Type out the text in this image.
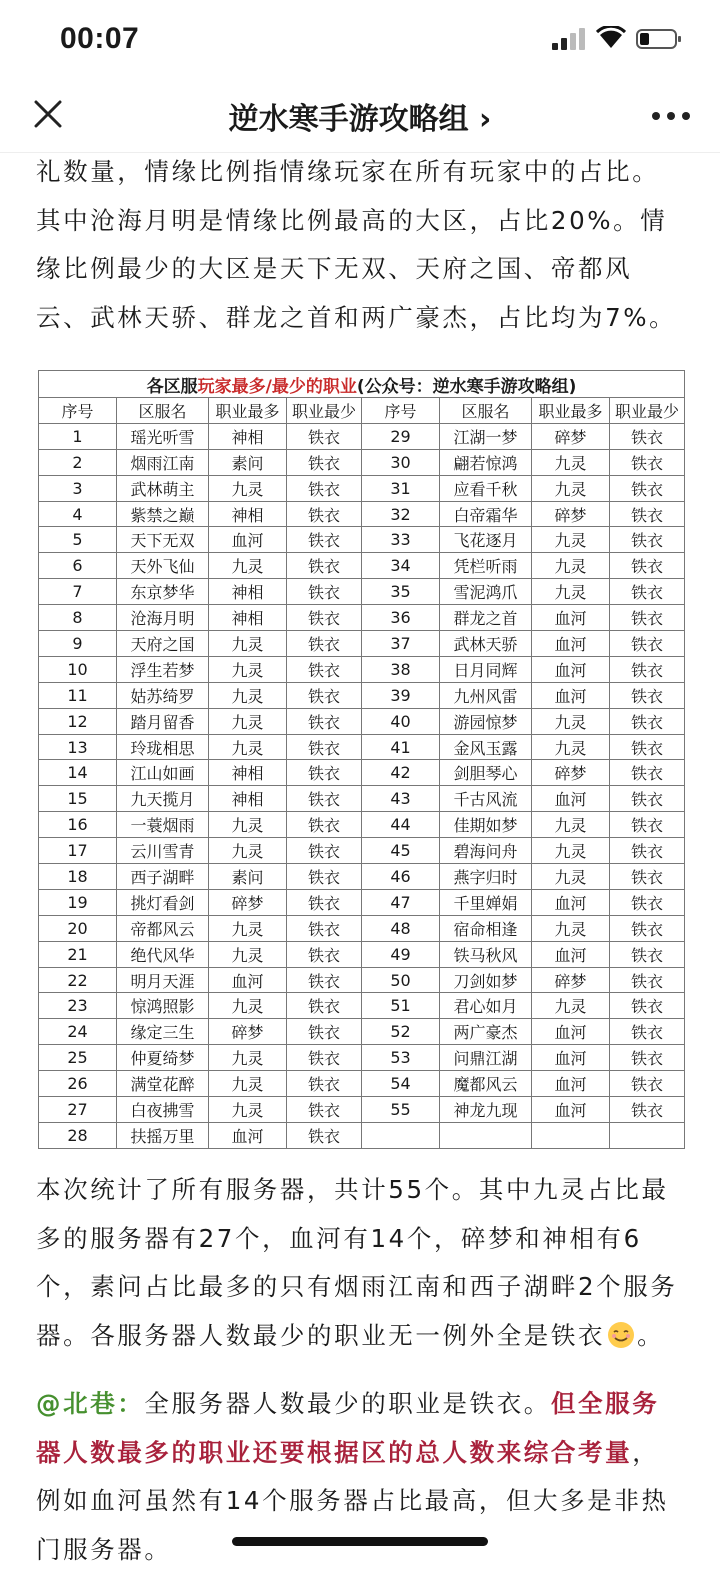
00:07
逆水寒手游攻略组 ›

礼数量，情缘比例指情缘玩家在所有玩家中的占比。其中沧海月明是情缘比例最高的大区，占比20%。情缘比例最少的大区是天下无双、天府之国、帝都风云、武林天骄、群龙之首和两广豪杰，占比均为7%。

各区服玩家最多/最少的职业(公众号：逆水寒手游攻略组)							
序号	区服名	职业最多	职业最少	序号	区服名	职业最多	职业最少
1	瑶光听雪	神相	铁衣	29	江湖一梦	碎梦	铁衣
2	烟雨江南	素问	铁衣	30	翩若惊鸿	九灵	铁衣
3	武林萌主	九灵	铁衣	31	应看千秋	九灵	铁衣
4	紫禁之巅	神相	铁衣	32	白帝霜华	碎梦	铁衣
5	天下无双	血河	铁衣	33	飞花逐月	九灵	铁衣
6	天外飞仙	九灵	铁衣	34	凭栏听雨	九灵	铁衣
7	东京梦华	神相	铁衣	35	雪泥鸿爪	九灵	铁衣
8	沧海月明	神相	铁衣	36	群龙之首	血河	铁衣
9	天府之国	九灵	铁衣	37	武林天骄	血河	铁衣
10	浮生若梦	九灵	铁衣	38	日月同辉	血河	铁衣
11	姑苏绮罗	九灵	铁衣	39	九州风雷	血河	铁衣
12	踏月留香	九灵	铁衣	40	游园惊梦	九灵	铁衣
13	玲珑相思	九灵	铁衣	41	金风玉露	九灵	铁衣
14	江山如画	神相	铁衣	42	剑胆琴心	碎梦	铁衣
15	九天揽月	神相	铁衣	43	千古风流	血河	铁衣
16	一蓑烟雨	九灵	铁衣	44	佳期如梦	九灵	铁衣
17	云川雪青	九灵	铁衣	45	碧海问舟	九灵	铁衣
18	西子湖畔	素问	铁衣	46	燕字归时	九灵	铁衣
19	挑灯看剑	碎梦	铁衣	47	千里婵娟	血河	铁衣
20	帝都风云	九灵	铁衣	48	宿命相逢	九灵	铁衣
21	绝代风华	九灵	铁衣	49	铁马秋风	血河	铁衣
22	明月天涯	血河	铁衣	50	刀剑如梦	碎梦	铁衣
23	惊鸿照影	九灵	铁衣	51	君心如月	九灵	铁衣
24	缘定三生	碎梦	铁衣	52	两广豪杰	血河	铁衣
25	仲夏绮梦	九灵	铁衣	53	问鼎江湖	血河	铁衣
26	满堂花醉	九灵	铁衣	54	魔都风云	血河	铁衣
27	白夜拂雪	九灵	铁衣	55	神龙九现	血河	铁衣
28	扶摇万里	血河	铁衣				

本次统计了所有服务器，共计55个。其中九灵占比最多的服务器有27个，血河有14个，碎梦和神相有6个，素问占比最多的只有烟雨江南和西子湖畔2个服务器。各服务器人数最少的职业无一例外全是铁衣 。

@北巷：全服务器人数最少的职业是铁衣。但全服务器人数最多的职业还要根据区的总人数来综合考量，例如血河虽然有14个服务器占比最高，但大多是非热门服务器。
